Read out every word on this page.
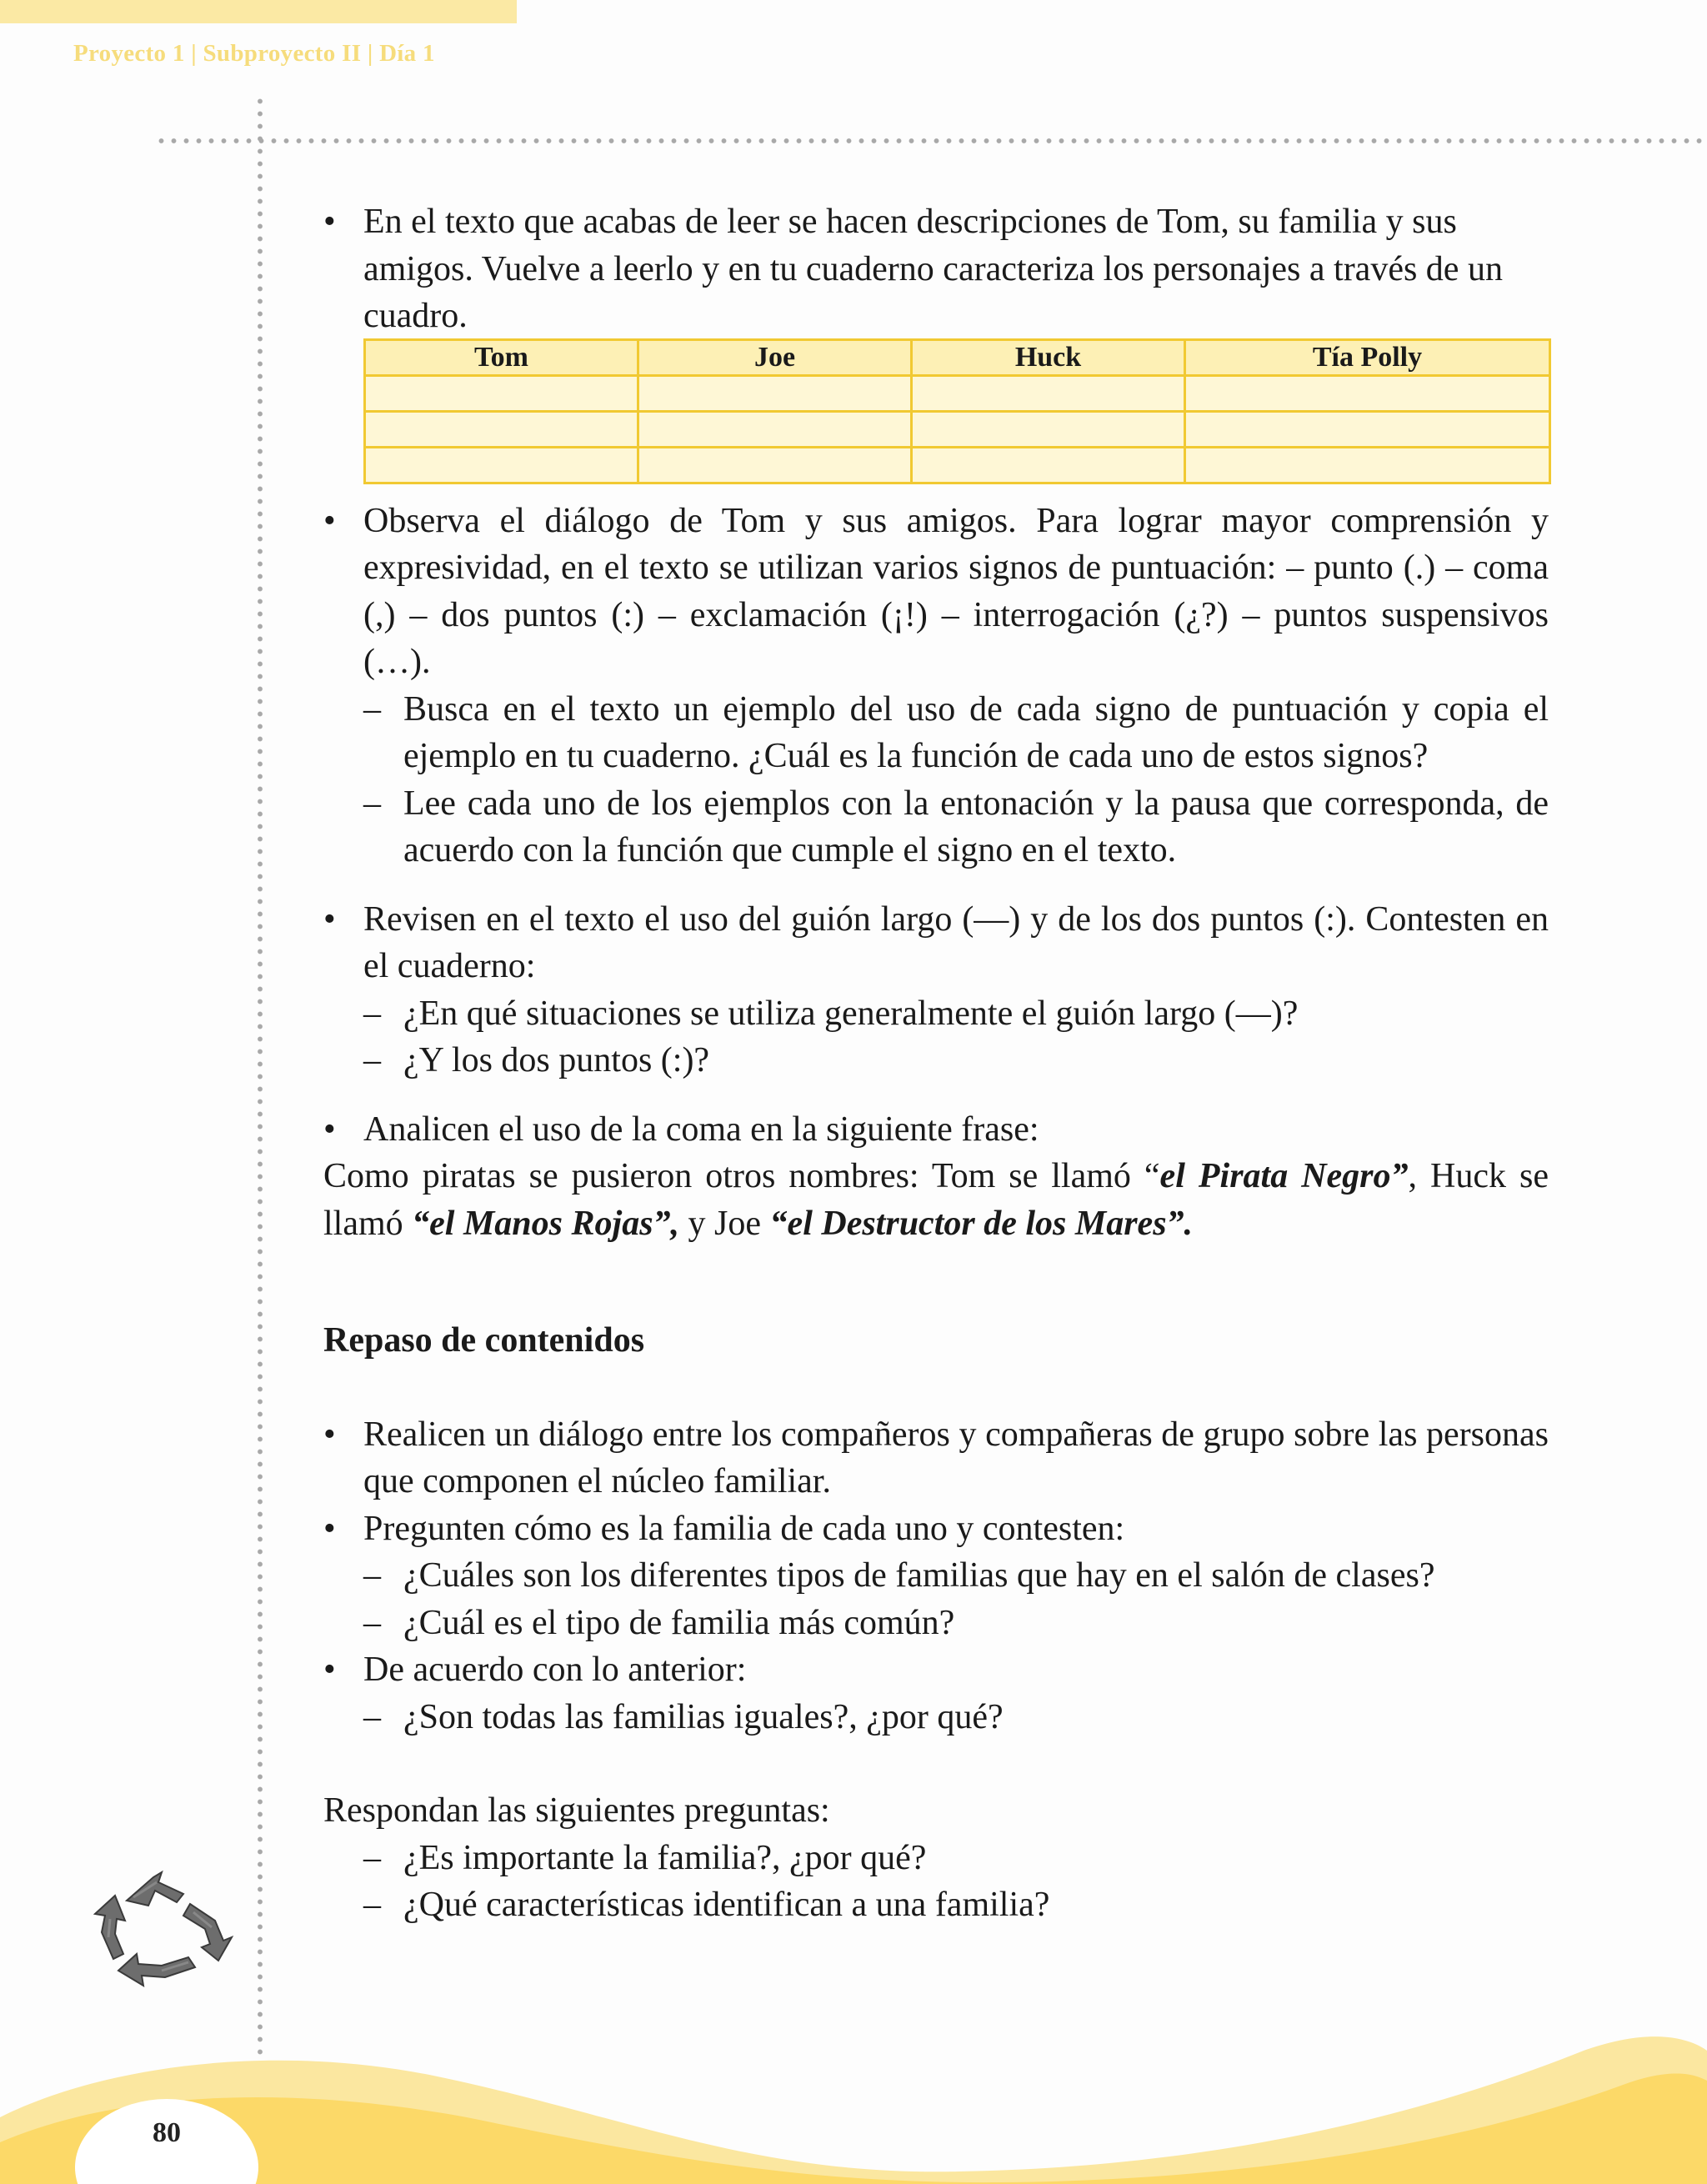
Proyecto 1 | Subproyecto II | Día 1
• En el texto que acabas de leer se hacen descripciones de Tom, su familia y sus amigos. Vuelve a leerlo y en tu cuaderno caracteriza los personajes a través de un cuadro.
Tom	Joe	Huck	Tía Polly

• Observa el diálogo de Tom y sus amigos. Para lograr mayor comprensión y expresividad, en el texto se utilizan varios signos de puntuación: – punto (.) – coma (,) – dos puntos (:) – exclamación (¡!) – interrogación (¿?) – puntos suspensivos (…).
– Busca en el texto un ejemplo del uso de cada signo de puntuación y copia el ejemplo en tu cuaderno. ¿Cuál es la función de cada uno de estos signos?
– Lee cada uno de los ejemplos con la entonación y la pausa que corresponda, de acuerdo con la función que cumple el signo en el texto.
• Revisen en el texto el uso del guión largo (—) y de los dos puntos (:). Contesten en el cuaderno:
– ¿En qué situaciones se utiliza generalmente el guión largo (—)?
– ¿Y los dos puntos (:)?
• Analicen el uso de la coma en la siguiente frase:
Como piratas se pusieron otros nombres: Tom se llamó “el Pirata Negro”, Huck se llamó “el Manos Rojas”, y Joe “el Destructor de los Mares”.
Repaso de contenidos
• Realicen un diálogo entre los compañeros y compañeras de grupo sobre las personas que componen el núcleo familiar.
• Pregunten cómo es la familia de cada uno y contesten:
– ¿Cuáles son los diferentes tipos de familias que hay en el salón de clases?
– ¿Cuál es el tipo de familia más común?
• De acuerdo con lo anterior:
– ¿Son todas las familias iguales?, ¿por qué?
Respondan las siguientes preguntas:
– ¿Es importante la familia?, ¿por qué?
– ¿Qué características identifican a una familia?
80
